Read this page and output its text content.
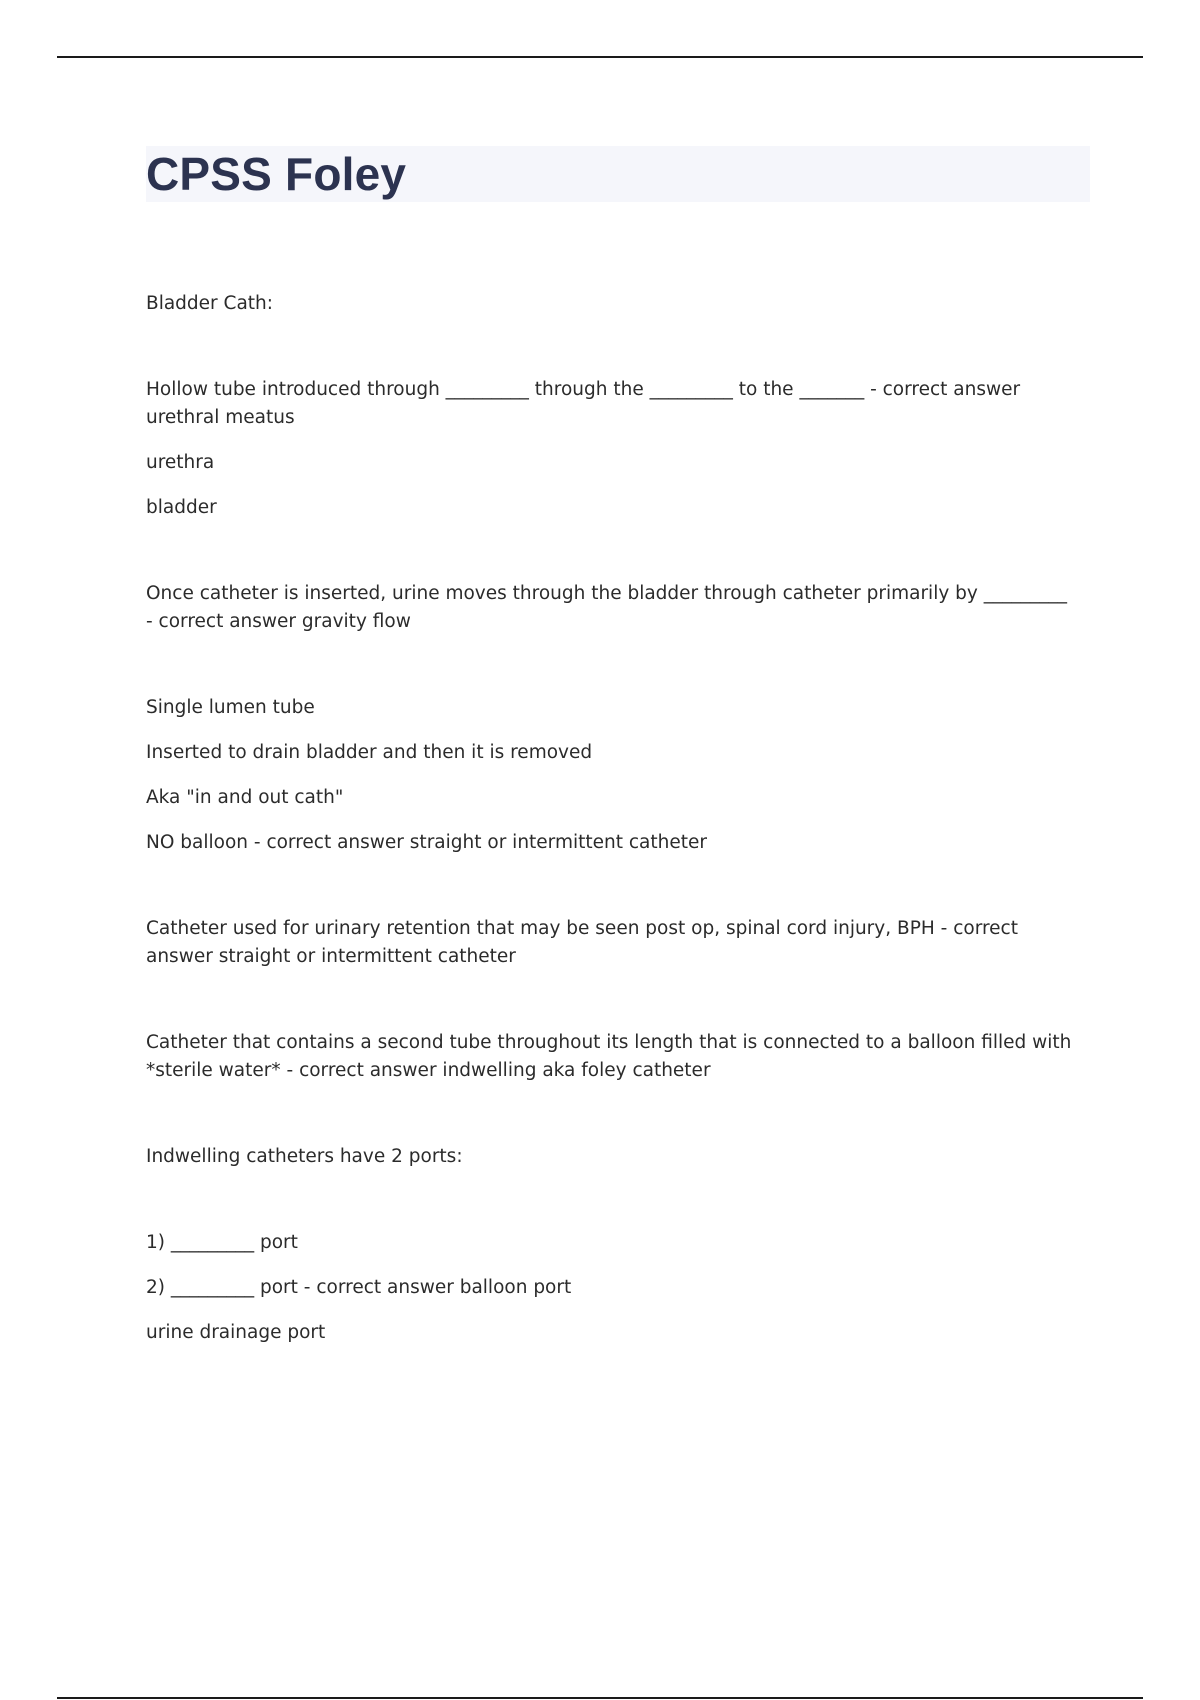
CPSS Foley

Bladder Cath:

Hollow tube introduced through _________ through the _________ to the _______ - correct answer urethral meatus

urethra

bladder

Once catheter is inserted, urine moves through the bladder through catheter primarily by _________ - correct answer gravity flow

Single lumen tube

Inserted to drain bladder and then it is removed

Aka "in and out cath"

NO balloon - correct answer straight or intermittent catheter

Catheter used for urinary retention that may be seen post op, spinal cord injury, BPH - correct answer straight or intermittent catheter

Catheter that contains a second tube throughout its length that is connected to a balloon filled with *sterile water* - correct answer indwelling aka foley catheter

Indwelling catheters have 2 ports:

1) _________ port

2) _________ port - correct answer balloon port

urine drainage port
